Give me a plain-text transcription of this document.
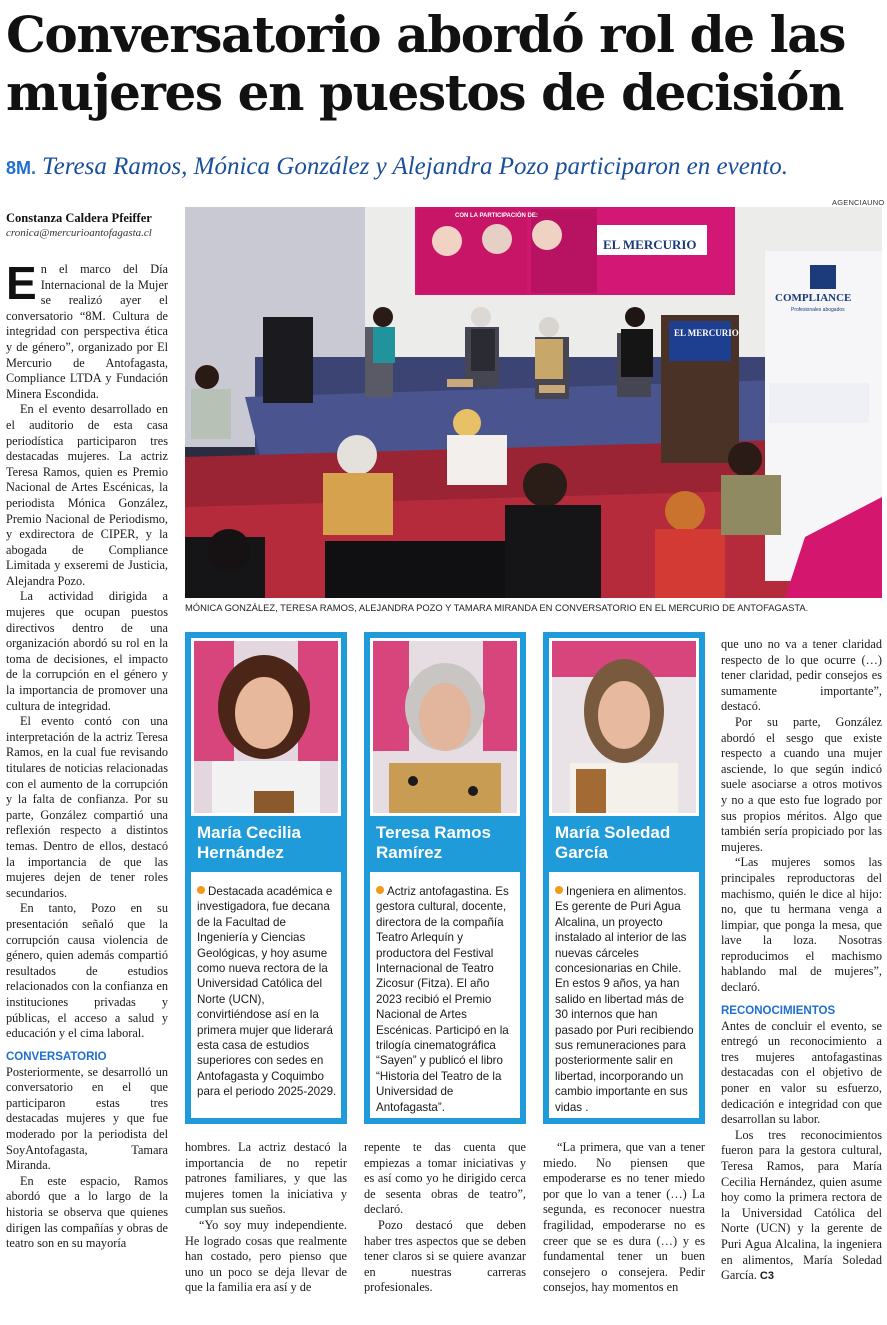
Conversatorio abordó rol de las mujeres en puestos de decisión
8M. Teresa Ramos, Mónica González y Alejandra Pozo participaron en evento.
Constanza Caldera Pfeiffer
cronica@mercurioantofagasta.cl
AGENCIAUNO

En el marco del Día Internacional de la Mujer se realizó ayer el conversatorio “8M. Cultura de integridad con perspectiva ética y de género”, organizado por El Mercurio de Antofagasta, Compliance LTDA y Fundación Minera Escondida.

En el evento desarrollado en el auditorio de esta casa periodística participaron tres destacadas mujeres. La actriz Teresa Ramos, quien es Premio Nacional de Artes Escénicas, la periodista Mónica González, Premio Nacional de Periodismo, y exdirectora de CIPER, y la abogada de Compliance Limitada y exseremi de Justicia, Alejandra Pozo.

La actividad dirigida a mujeres que ocupan puestos directivos dentro de una organización abordó su rol en la toma de decisiones, el impacto de la corrupción en el género y la importancia de promover una cultura de integridad.

El evento contó con una interpretación de la actriz Teresa Ramos, en la cual fue revisando titulares de noticias relacionadas con el aumento de la corrupción y la falta de confianza. Por su parte, González compartió una reflexión respecto a distintos temas. Dentro de ellos, destacó la importancia de que las mujeres dejen de tener roles secundarios.

En tanto, Pozo en su presentación señaló que la corrupción causa violencia de género, quien además compartió resultados de estudios relacionados con la confianza en instituciones privadas y públicas, el acceso a salud y educación y el cima laboral.

CONVERSATORIO

Posteriormente, se desarrolló un conversatorio en el que participaron estas tres destacadas mujeres y que fue moderado por la periodista del SoyAntofagasta, Tamara Miranda.

En este espacio, Ramos abordó que a lo largo de la historia se observa que quienes dirigen las compañías y obras de teatro son en su mayoría

CON LA PARTICIPACIÓN DE:
EL MERCURIO
EL MERCURIO
COMPLIANCE
Profesionales abogados
MÓNICA GONZÁLEZ, TERESA RAMOS, ALEJANDRA POZO Y TAMARA MIRANDA EN CONVERSATORIO EN EL MERCURIO DE ANTOFAGASTA.
María Cecilia Hernández
Destacada académica e investigadora, fue decana de la Facultad de Ingeniería y Ciencias Geológicas, y hoy asume como nueva rectora de la Universidad Católica del Norte (UCN), convirtiéndose así en la primera mujer que liderará esta casa de estudios superiores con sedes en Antofagasta y Coquimbo para el periodo 2025-2029.
Teresa Ramos Ramírez
Actriz antofagastina. Es gestora cultural, docente, directora de la compañía Teatro Arlequín y productora del Festival Internacional de Teatro Zicosur (Fitza). El año 2023 recibió el Premio Nacional de Artes Escénicas. Participó en la trilogía cinematográfica “Sayen” y publicó el libro “Historia del Teatro de la Universidad de Antofagasta”.
María Soledad García
Ingeniera en alimentos. Es gerente de Puri Agua Alcalina, un proyecto instalado al interior de las nuevas cárceles concesionarias en Chile. En estos 9 años, ya han salido en libertad más de 30 internos que han pasado por Puri recibiendo sus remuneraciones para posteriormente salir en libertad, incorporando un cambio importante en sus vidas .

hombres. La actriz destacó la importancia de no repetir patrones familiares, y que las mujeres tomen la iniciativa y cumplan sus sueños.

“Yo soy muy independiente. He logrado cosas que realmente han costado, pero pienso que uno un poco se deja llevar de que la familia era así y de

repente te das cuenta que empiezas a tomar iniciativas y es así como yo he dirigido cerca de sesenta obras de teatro”, declaró.

Pozo destacó que deben haber tres aspectos que se deben tener claros si se quiere avanzar en nuestras carreras profesionales.

“La primera, que van a tener miedo. No piensen que empoderarse es no tener miedo por que lo van a tener (…) La segunda, es reconocer nuestra fragilidad, empoderarse no es creer que se es dura (…) y es fundamental tener un buen consejero o consejera. Pedir consejos, hay momentos en

que uno no va a tener claridad respecto de lo que ocurre (…) tener claridad, pedir consejos es sumamente importante”, destacó.

Por su parte, González abordó el sesgo que existe respecto a cuando una mujer asciende, lo que según indicó suele asociarse a otros motivos y no a que esto fue logrado por sus propios méritos. Algo que también sería propiciado por las mujeres.

“Las mujeres somos las principales reproductoras del machismo, quién le dice al hijo: no, que tu hermana venga a limpiar, que ponga la mesa, que lave la loza. Nosotras reproducimos el machismo hablando mal de mujeres”, declaró.

RECONOCIMIENTOS

Antes de concluir el evento, se entregó un reconocimiento a tres mujeres antofagastinas destacadas con el objetivo de poner en valor su esfuerzo, dedicación e integridad con que desarrollan su labor.

Los tres reconocimientos fueron para la gestora cultural, Teresa Ramos, para María Cecilia Hernández, quien asume hoy como la primera rectora de la Universidad Católica del Norte (UCN) y la gerente de Puri Agua Alcalina, la ingeniera en alimentos, María Soledad García. C3
